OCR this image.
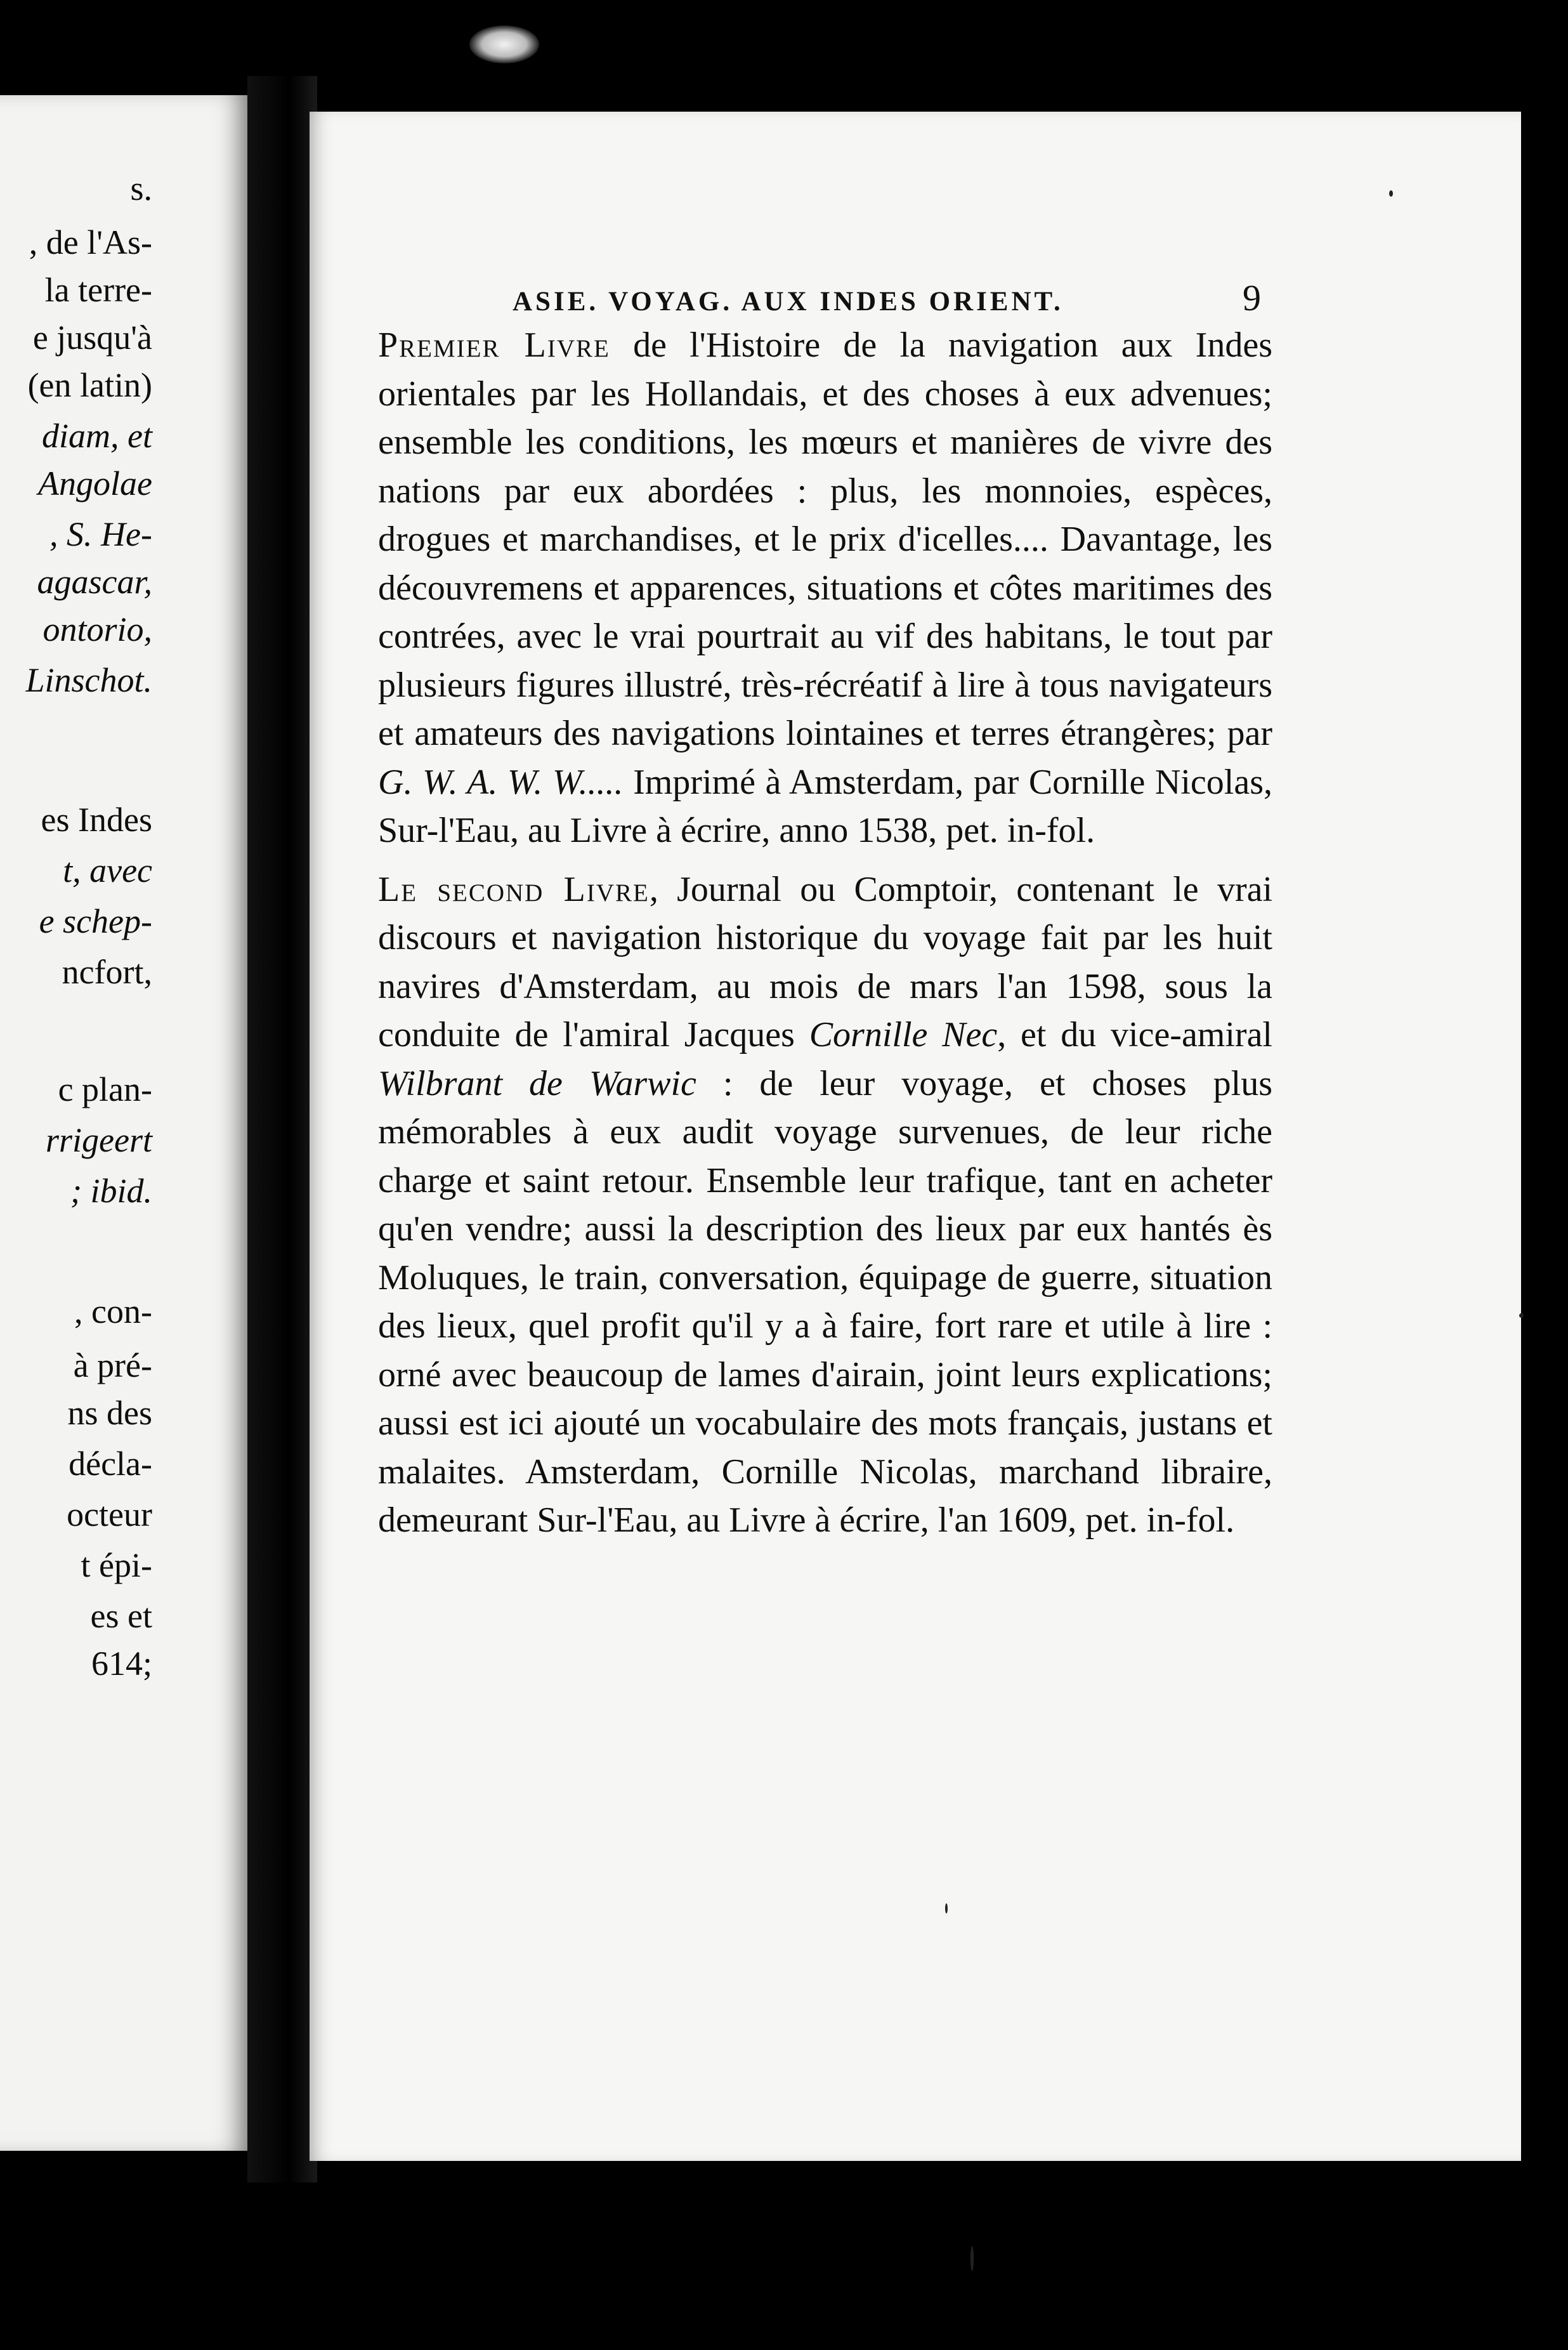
s.
, de l'As-
la terre-
e jusqu'à
(en latin)
diam, et
Angolae
, S. He-
agascar,
ontorio,
Linschot.
es Indes
t, avec
e schep-
ncfort,
c plan-
rrigeert
; ibid.
, con-
à pré-
ns des
décla-
octeur
t épi-
es et
614;
ASIE. VOYAG. AUX INDES ORIENT.	9

Premier Livre de l'Histoire de la navigation aux Indes orientales par les Hollandais, et des choses à eux advenues; ensemble les conditions, les mœurs et manières de vivre des nations par eux abordées : plus, les monnoies, espèces, drogues et marchandises, et le prix d'icelles.... Davantage, les découvremens et apparences, situations et côtes maritimes des contrées, avec le vrai pourtrait au vif des habitans, le tout par plusieurs figures illustré, très-récréatif à lire à tous navigateurs et amateurs des navigations lointaines et terres étrangères; par G. W. A. W. W..... Imprimé à Amsterdam, par Cornille Nicolas, Sur-l'Eau, au Livre à écrire, anno 1538, pet. in-fol.

Le second Livre, Journal ou Comptoir, contenant le vrai discours et navigation historique du voyage fait par les huit navires d'Amsterdam, au mois de mars l'an 1598, sous la conduite de l'amiral Jacques Cornille Nec, et du vice-amiral Wilbrant de Warwic : de leur voyage, et choses plus mémorables à eux audit voyage survenues, de leur riche charge et saint retour. Ensemble leur trafique, tant en acheter qu'en vendre; aussi la description des lieux par eux hantés ès Moluques, le train, conversation, équipage de guerre, situation des lieux, quel profit qu'il y a à faire, fort rare et utile à lire : orné avec beaucoup de lames d'airain, joint leurs explications; aussi est ici ajouté un vocabulaire des mots français, justans et malaites. Amsterdam, Cornille Nicolas, marchand libraire, demeurant Sur-l'Eau, au Livre à écrire, l'an 1609, pet. in-fol.
